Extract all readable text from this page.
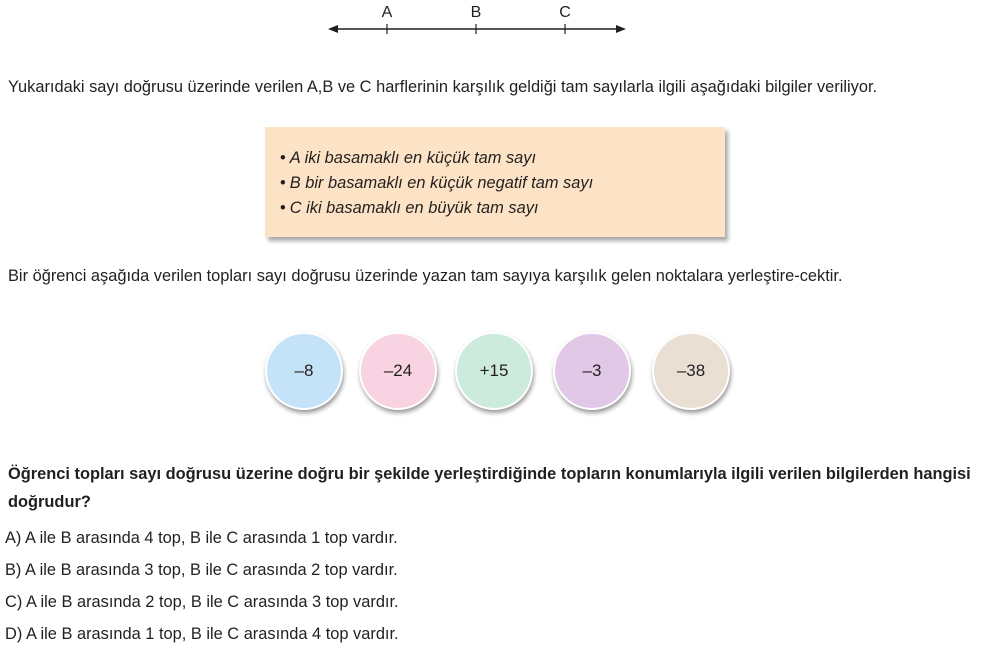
A	B	C

Yukarıdaki sayı doğrusu üzerinde verilen A,B ve C harflerinin karşılık geldiği tam sayılarla ilgili aşağıdaki bilgiler veriliyor.

• A iki basamaklı en küçük tam sayı
• B bir basamaklı en küçük negatif tam sayı
• C iki basamaklı en büyük tam sayı

Bir öğrenci aşağıda verilen topları sayı doğrusu üzerinde yazan tam sayıya karşılık gelen noktalara yerleştire-cektir.

–8	–24	+15	–3	–38

Öğrenci topları sayı doğrusu üzerine doğru bir şekilde yerleştirdiğinde topların konumlarıyla ilgili verilen bilgilerden hangisi doğrudur?

A) A ile B arasında 4 top, B ile C arasında 1 top vardır.
B) A ile B arasında 3 top, B ile C arasında 2 top vardır.
C) A ile B arasında 2 top, B ile C arasında 3 top vardır.
D) A ile B arasında 1 top, B ile C arasında 4 top vardır.
